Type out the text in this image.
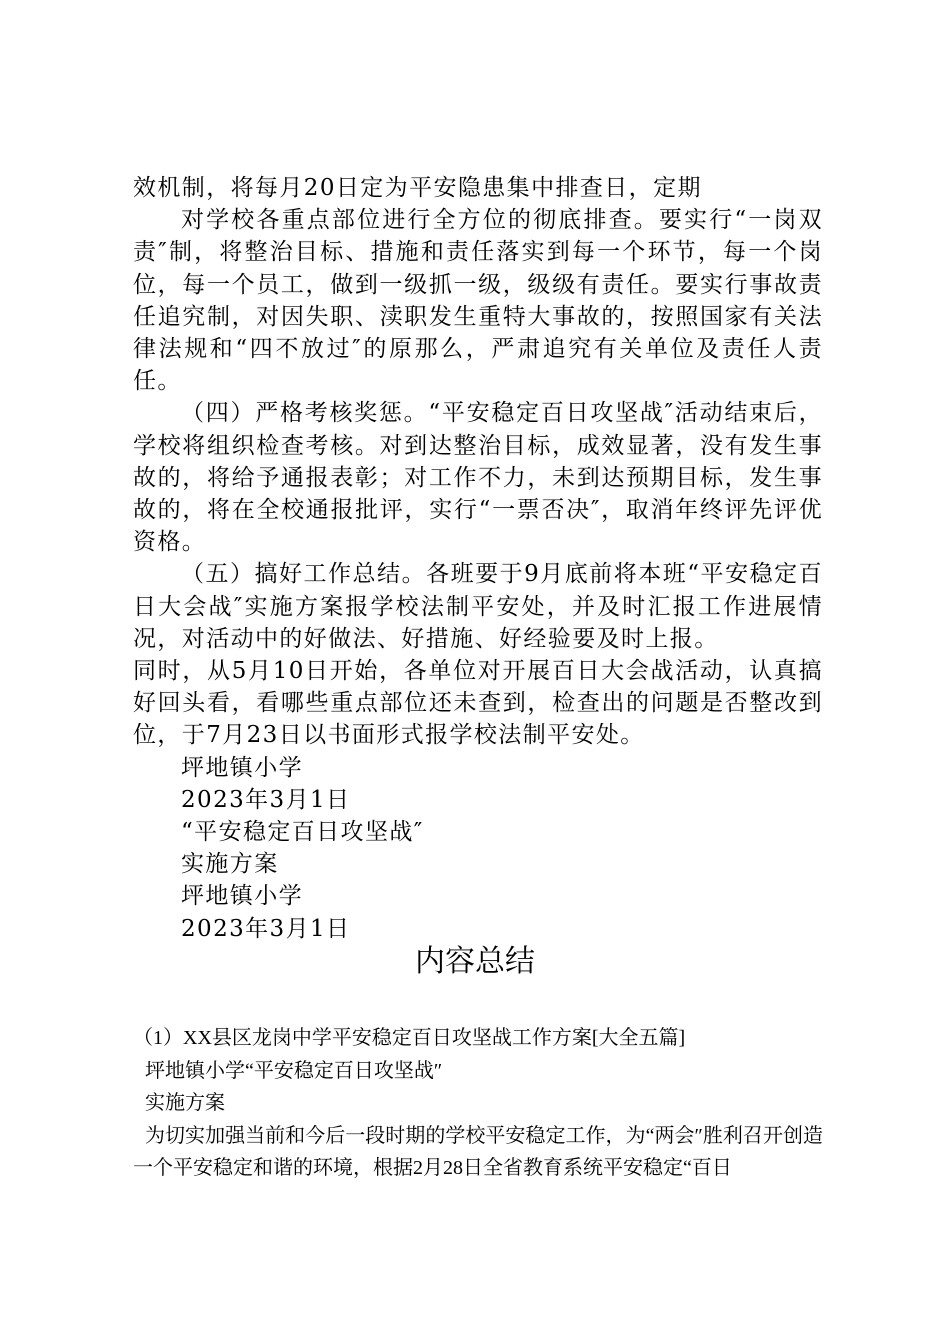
效机制，将每月20日定为平安隐患集中排查日，定期

对学校各重点部位进行全方位的彻底排查。要实行“一岗双责″制，将整治目标、措施和责任落实到每一个环节，每一个岗位，每一个员工，做到一级抓一级，级级有责任。要实行事故责任追究制，对因失职、渎职发生重特大事故的，按照国家有关法律法规和“四不放过″的原那么，严肃追究有关单位及责任人责任。

（四）严格考核奖惩。“平安稳定百日攻坚战″活动结束后，学校将组织检查考核。对到达整治目标，成效显著，没有发生事故的，将给予通报表彰；对工作不力，未到达预期目标，发生事故的，将在全校通报批评，实行“一票否决″，取消年终评先评优资格。

（五）搞好工作总结。各班要于9月底前将本班“平安稳定百日大会战″实施方案报学校法制平安处，并及时汇报工作进展情况，对活动中的好做法、好措施、好经验要及时上报。

同时，从5月10日开始，各单位对开展百日大会战活动，认真搞好回头看，看哪些重点部位还未查到，检查出的问题是否整改到位，于7月23日以书面形式报学校法制平安处。

坪地镇小学

2023年3月1日

“平安稳定百日攻坚战″

实施方案

坪地镇小学

2023年3月1日

内容总结

（1）XX县区龙岗中学平安稳定百日攻坚战工作方案[大全五篇]

坪地镇小学“平安稳定百日攻坚战″

实施方案

为切实加强当前和今后一段时期的学校平安稳定工作，为“两会″胜利召开创造一个平安稳定和谐的环境，根据2月28日全省教育系统平安稳定“百日
